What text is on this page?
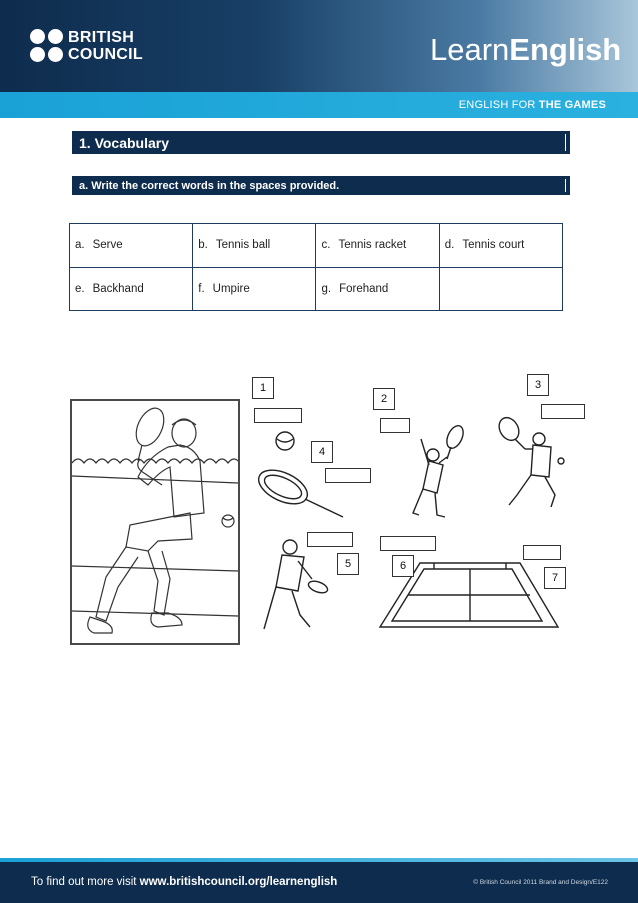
BRITISH
COUNCIL	LearnEnglish
ENGLISH FOR THE GAMES
1. Vocabulary
a. Write the correct words in the spaces provided.
a. Serve	b. Tennis ball	c. Tennis racket	d. Tennis court
e. Backhand	f. Umpire	g. Forehand	
1
2
3
4
5	6
7
To find out more visit www.britishcouncil.org/learnenglish	© British Council 2011 Brand and Design/E122
